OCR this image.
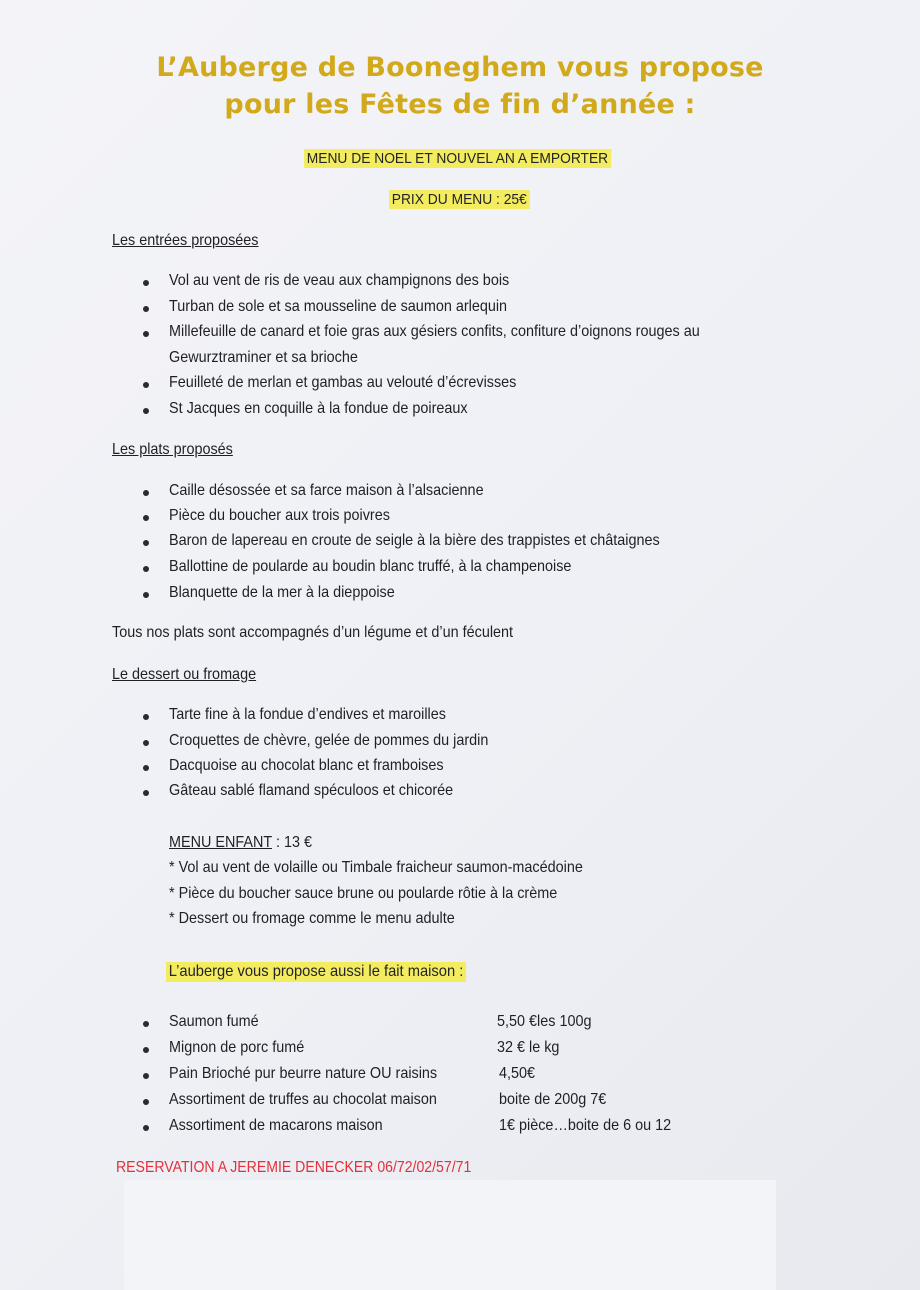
L’Auberge de Booneghem vous propose
pour les Fêtes de fin d’année :
MENU DE NOEL ET NOUVEL AN A EMPORTER
PRIX DU MENU : 25€
Les entrées proposées
Vol au vent de ris de veau aux champignons des bois
Turban de sole et sa mousseline de saumon arlequin
Millefeuille de canard et foie gras aux gésiers confits, confiture d’oignons rouges au
Gewurztraminer et sa brioche
Feuilleté de merlan et gambas au velouté d’écrevisses
St Jacques en coquille à la fondue de poireaux
Les plats proposés
Caille désossée et sa farce maison à l’alsacienne
Pièce du boucher aux trois poivres
Baron de lapereau en croute de seigle à la bière des trappistes et châtaignes
Ballottine de poularde au boudin blanc truffé, à la champenoise
Blanquette de la mer à la dieppoise
Tous nos plats sont accompagnés d’un légume et d’un féculent
Le dessert ou fromage
Tarte fine à la fondue d’endives et maroilles
Croquettes de chèvre, gelée de pommes du jardin
Dacquoise au chocolat blanc et framboises
Gâteau sablé flamand spéculoos et chicorée
MENU ENFANT : 13 €
* Vol au vent de volaille ou Timbale fraicheur saumon-macédoine
* Pièce du boucher sauce brune ou poularde rôtie à la crème
* Dessert ou fromage comme le menu adulte
L’auberge vous propose aussi le fait maison :
Saumon fumé	5,50 €les 100g
Mignon de porc fumé	32 € le kg
Pain Brioché pur beurre nature OU raisins	4,50€
Assortiment de truffes au chocolat maison	boite de 200g 7€
Assortiment de macarons maison	1€ pièce…boite de 6 ou 12
RESERVATION A JEREMIE DENECKER 06/72/02/57/71
